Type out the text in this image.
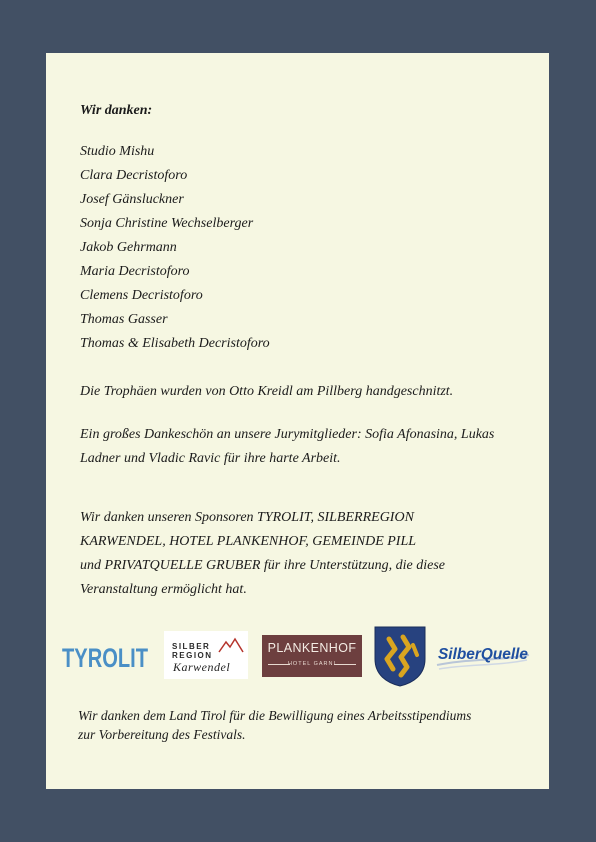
Wir danken:
Studio Mishu
Clara Decristoforo
Josef Gänsluckner
Sonja Christine Wechselberger
Jakob Gehrmann
Maria Decristoforo
Clemens Decristoforo
Thomas Gasser
Thomas & Elisabeth Decristoforo
Die Trophäen wurden von Otto Kreidl am Pillberg handgeschnitzt.
Ein großes Dankeschön an unsere Jurymitglieder: Sofia Afonasina, Lukas
Ladner und Vladic Ravic für ihre harte Arbeit.
Wir danken unseren Sponsoren TYROLIT, SILBERREGION
KARWENDEL, HOTEL PLANKENHOF, GEMEINDE PILL
und PRIVATQUELLE GRUBER für ihre Unterstützung, die diese
Veranstaltung ermöglicht hat.
TYROLIT	SILBER
REGION
Karwendel
PLANKENHOF
HOTEL GARNI
SilberQuelle
Wir danken dem Land Tirol für die Bewilligung eines Arbeitsstipendiums
zur Vorbereitung des Festivals.
